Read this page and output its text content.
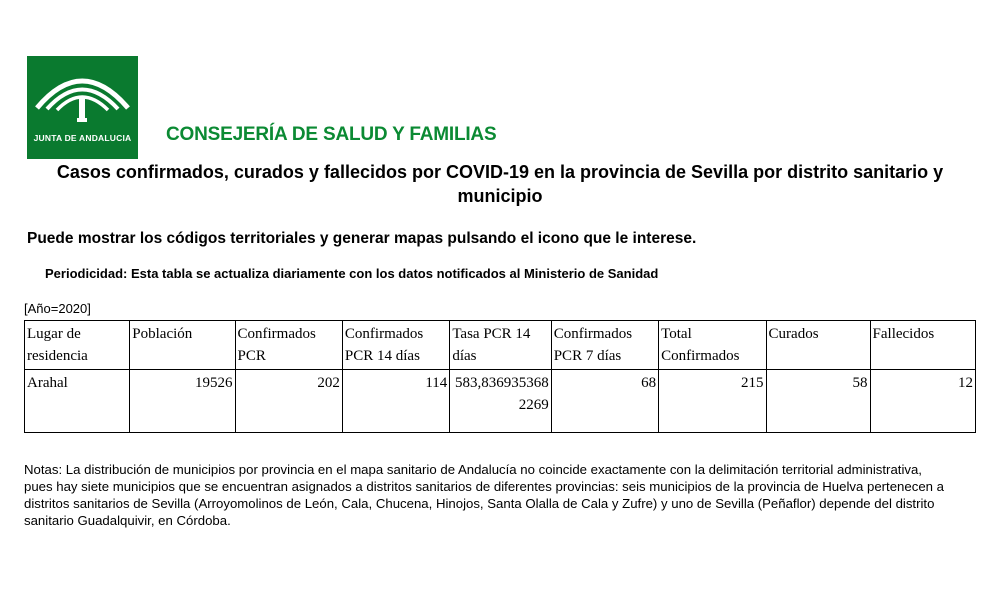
JUNTA DE ANDALUCIA	CONSEJERÍA DE SALUD Y FAMILIAS
Casos confirmados, curados y fallecidos por COVID-19 en la provincia de Sevilla por distrito sanitario y municipio
Puede mostrar los códigos territoriales y generar mapas pulsando el icono que le interese.
Periodicidad: Esta tabla se actualiza diariamente con los datos notificados al Ministerio de Sanidad
[Año=2020]
Lugar de residencia	Población	Confirmados PCR	Confirmados PCR 14 días	Tasa PCR 14 días	Confirmados PCR 7 días	Total Confirmados	Curados	Fallecidos
Arahal	19526	202	114	583,8369353682269	68	215	58	12
Notas: La distribución de municipios por provincia en el mapa sanitario de Andalucía no coincide exactamente con la delimitación territorial administrativa, pues hay siete municipios que se encuentran asignados a distritos sanitarios de diferentes provincias: seis municipios de la provincia de Huelva pertenecen a distritos sanitarios de Sevilla (Arroyomolinos de León, Cala, Chucena, Hinojos, Santa Olalla de Cala y Zufre) y uno de Sevilla (Peñaflor) depende del distrito sanitario Guadalquivir, en Córdoba.
